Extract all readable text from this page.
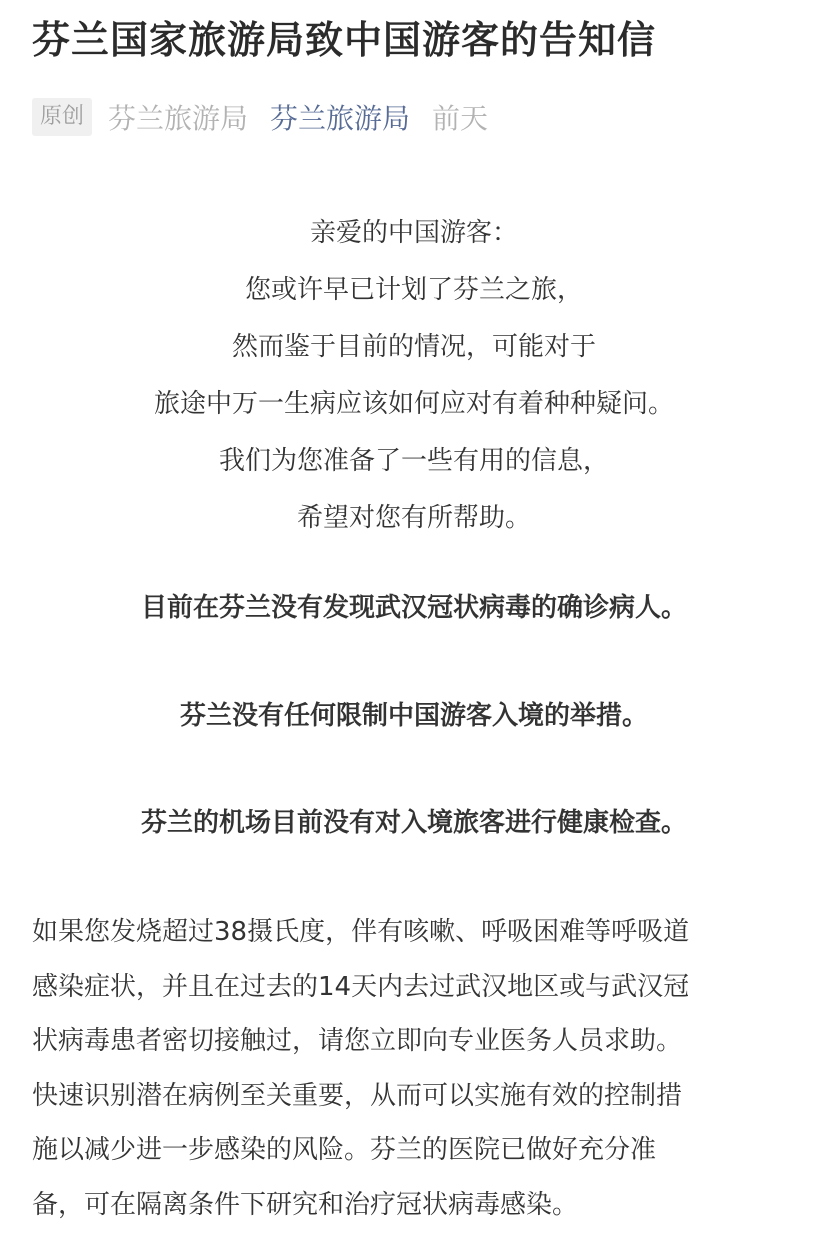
芬兰国家旅游局致中国游客的告知信
原创 芬兰旅游局 芬兰旅游局 前天

亲爱的中国游客：

您或许早已计划了芬兰之旅，

然而鉴于目前的情况，可能对于

旅途中万一生病应该如何应对有着种种疑问。

我们为您准备了一些有用的信息，

希望对您有所帮助。

目前在芬兰没有发现武汉冠状病毒的确诊病人。

芬兰没有任何限制中国游客入境的举措。

芬兰的机场目前没有对入境旅客进行健康检查。

如果您发烧超过38摄氏度，伴有咳嗽、呼吸困难等呼吸道
感染症状，并且在过去的14天内去过武汉地区或与武汉冠
状病毒患者密切接触过，请您立即向专业医务人员求助。
快速识别潜在病例至关重要，从而可以实施有效的控制措
施以减少进一步感染的风险。芬兰的医院已做好充分准
备，可在隔离条件下研究和治疗冠状病毒感染。
